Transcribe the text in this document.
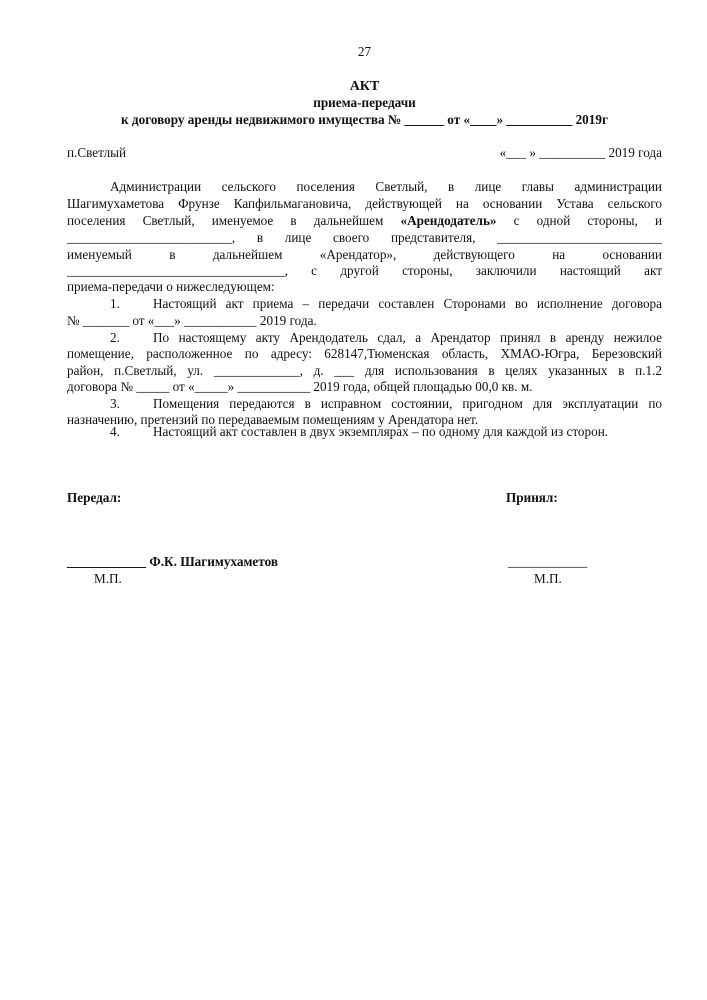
27
АКТ
приема-передачи
к договору аренды недвижимого имущества № ______ от «____» __________ 2019г
п.Светлый	«___ » __________ 2019 года
Администрации сельского поселения Светлый, в лице главы администрации
Шагимухаметова Фрунзе Капфильмагановича, действующей на основании Устава сельского
поселения Светлый, именуемое в дальнейшем «Арендодатель» с одной стороны, и
_________________________, в лице своего представителя, _________________________
именуемый в дальнейшем «Арендатор», действующего на основании
_________________________________, с другой стороны, заключили настоящий акт
приема-передачи о нижеследующем:
1.	Настоящий акт приема – передачи составлен Сторонами во исполнение договора
№ _______ от «___» ___________ 2019 года.
2.	По настоящему акту Арендодатель сдал, а Арендатор принял в аренду нежилое
помещение, расположенное по адресу: 628147,Тюменская область, ХМАО-Югра, Березовский
район, п.Светлый, ул. _____________, д. ___ для использования в целях указанных в п.1.2
договора № _____ от «_____» ___________ 2019 года, общей площадью 00,0 кв. м.
3.	Помещения передаются в исправном состоянии, пригодном для эксплуатации по
назначению, претензий по передаваемым помещениям у Арендатора нет.
4.	Настоящий акт составлен в двух экземплярах – по одному для каждой из сторон.
Передал:	Принял:
____________ Ф.К. Шагимухаметов	____________
М.П.	М.П.
